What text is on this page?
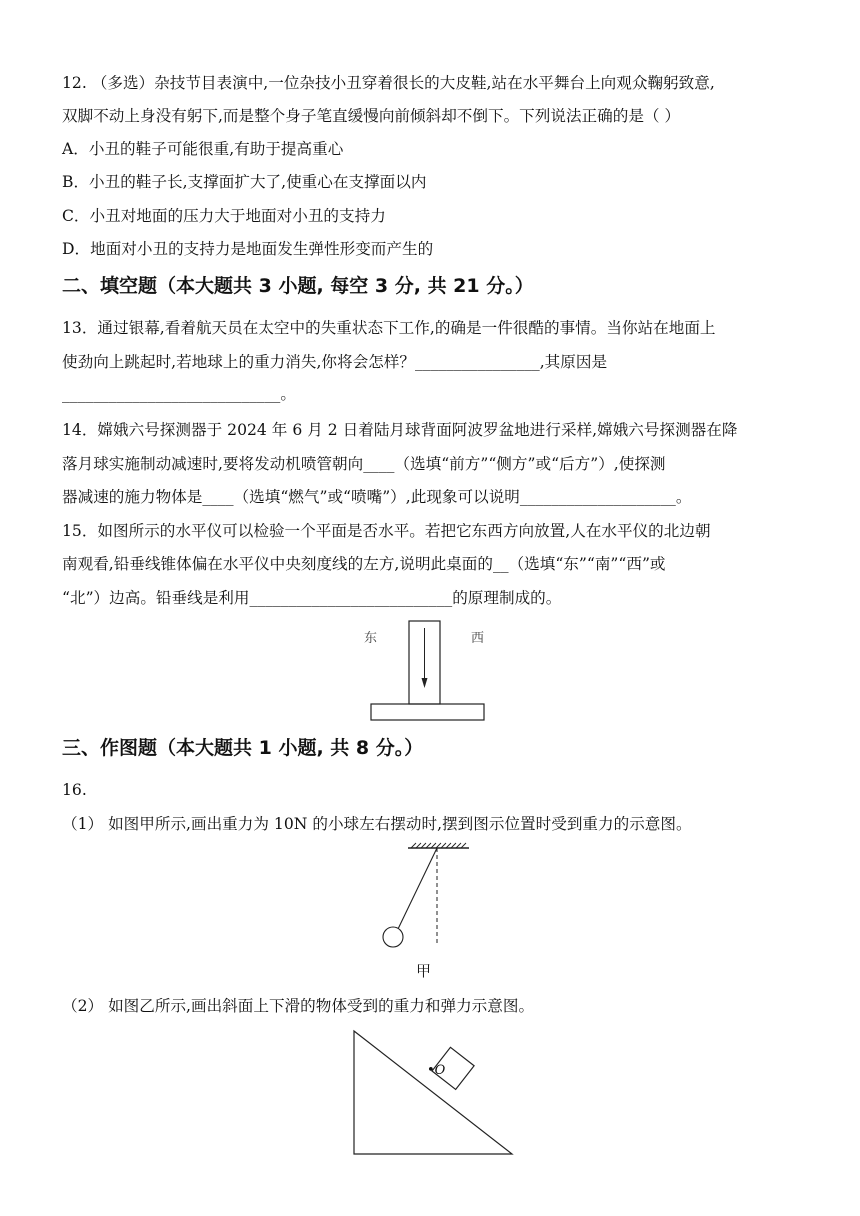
12. （多选）杂技节目表演中,一位杂技小丑穿着很长的大皮鞋,站在水平舞台上向观众鞠躬致意,
双脚不动上身没有躬下,而是整个身子笔直缓慢向前倾斜却不倒下。下列说法正确的是（ ）
A．小丑的鞋子可能很重,有助于提高重心
B．小丑的鞋子长,支撑面扩大了,使重心在支撑面以内
C．小丑对地面的压力大于地面对小丑的支持力
D．地面对小丑的支持力是地面发生弹性形变而产生的
二、填空题（本大题共 3 小题, 每空 3 分, 共 21 分。）
13．通过银幕,看着航天员在太空中的失重状态下工作,的确是一件很酷的事情。当你站在地面上
使劲向上跳起时,若地球上的重力消失,你将会怎样？________________,其原因是
____________________________。
14．嫦娥六号探测器于 2024 年 6 月 2 日着陆月球背面阿波罗盆地进行采样,嫦娥六号探测器在降
落月球实施制动减速时,要将发动机喷管朝向____（选填“前方”“侧方”或“后方”）,使探测
器减速的施力物体是____（选填“燃气”或“喷嘴”）,此现象可以说明____________________。
15．如图所示的水平仪可以检验一个平面是否水平。若把它东西方向放置,人在水平仪的北边朝
南观看,铅垂线锥体偏在水平仪中央刻度线的左方,说明此桌面的__（选填“东”“南”“西”或
“北”）边高。铅垂线是利用__________________________的原理制成的。
东	西
三、作图题（本大题共 1 小题, 共 8 分。）
16.
（1） 如图甲所示,画出重力为 10N 的小球左右摆动时,摆到图示位置时受到重力的示意图。
甲
（2） 如图乙所示,画出斜面上下滑的物体受到的重力和弹力示意图。
•O
